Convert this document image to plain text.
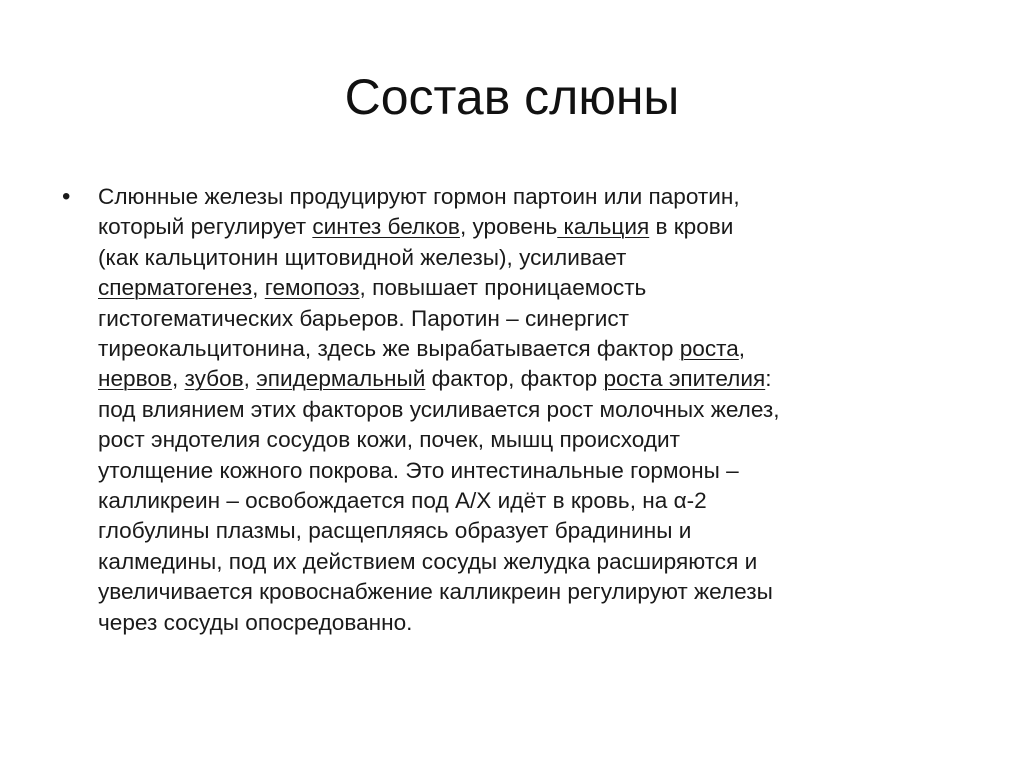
Состав слюны
• Слюнные железы продуцируют гормон партоин или паротин,
который регулирует синтез белков, уровень кальция в крови
(как кальцитонин щитовидной железы), усиливает
сперматогенез, гемопоэз, повышает проницаемость
гистогематических барьеров. Паротин – синергист
тиреокальцитонина, здесь же вырабатывается фактор роста,
нервов, зубов, эпидермальный фактор, фактор роста эпителия:
под влиянием этих факторов усиливается рост молочных желез,
рост эндотелия сосудов кожи, почек, мышц происходит
утолщение кожного покрова. Это интестинальные гормоны –
калликреин – освобождается под А/Х идёт в кровь, на α-2
глобулины плазмы, расщепляясь образует брадинины и
калмедины, под их действием сосуды желудка расширяются и
увеличивается кровоснабжение калликреин регулируют железы
через сосуды опосредованно.
